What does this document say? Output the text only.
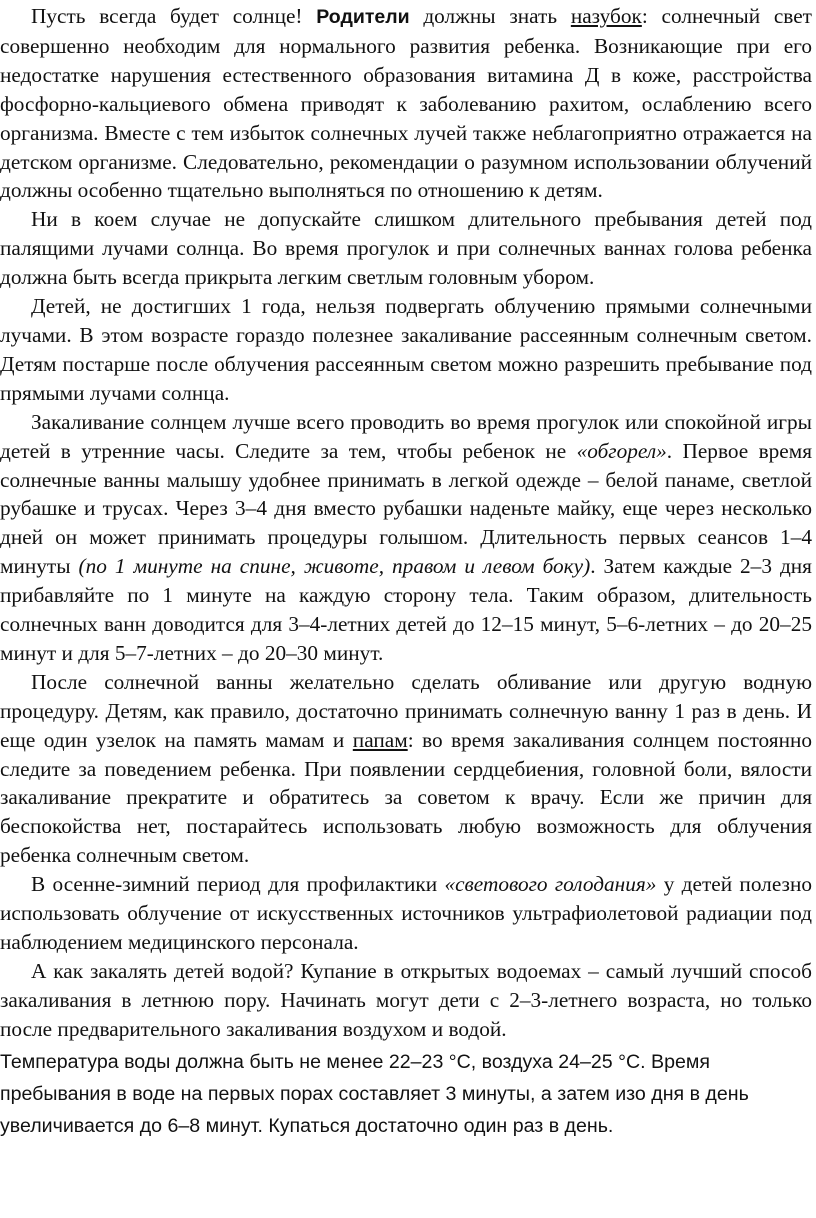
Пусть всегда будет солнце! Родители должны знать назубок: солнечный свет совершенно необходим для нормального развития ребенка. Возникающие при его недостатке нарушения естественного образования витамина Д в коже, расстройства фосфорно-кальциевого обмена приводят к заболеванию рахитом, ослаблению всего организма. Вместе с тем избыток солнечных лучей также неблагоприятно отражается на детском организме. Следовательно, рекомендации о разумном использовании облучений должны особенно тщательно выполняться по отношению к детям.

Ни в коем случае не допускайте слишком длительного пребывания детей под палящими лучами солнца. Во время прогулок и при солнечных ваннах голова ребенка должна быть всегда прикрыта легким светлым головным убором.

Детей, не достигших 1 года, нельзя подвергать облучению прямыми солнечными лучами. В этом возрасте гораздо полезнее закаливание рассеянным солнечным светом. Детям постарше после облучения рассеянным светом можно разрешить пребывание под прямыми лучами солнца.

Закаливание солнцем лучше всего проводить во время прогулок или спокойной игры детей в утренние часы. Следите за тем, чтобы ребенок не «обгорел». Первое время солнечные ванны малышу удобнее принимать в легкой одежде – белой панаме, светлой рубашке и трусах. Через 3–4 дня вместо рубашки наденьте майку, еще через несколько дней он может принимать процедуры голышом. Длительность первых сеансов 1–4 минуты (по 1 минуте на спине, животе, правом и левом боку). Затем каждые 2–3 дня прибавляйте по 1 минуте на каждую сторону тела. Таким образом, длительность солнечных ванн доводится для 3–4-летних детей до 12–15 минут, 5–6-летних – до 20–25 минут и для 5–7-летних – до 20–30 минут.

После солнечной ванны желательно сделать обливание или другую водную процедуру. Детям, как правило, достаточно принимать солнечную ванну 1 раз в день. И еще один узелок на память мамам и папам: во время закаливания солнцем постоянно следите за поведением ребенка. При появлении сердцебиения, головной боли, вялости закаливание прекратите и обратитесь за советом к врачу. Если же причин для беспокойства нет, постарайтесь использовать любую возможность для облучения ребенка солнечным светом.

В осенне-зимний период для профилактики «светового голодания» у детей полезно использовать облучение от искусственных источников ультрафиолетовой радиации под наблюдением медицинского персонала.

А как закалять детей водой? Купание в открытых водоемах – самый лучший способ закаливания в летнюю пору. Начинать могут дети с 2–3-летнего возраста, но только после предварительного закаливания воздухом и водой.

Температура воды должна быть не менее 22–23 °С, воздуха 24–25 °С. Время пребывания в воде на первых порах составляет 3 минуты, а затем изо дня в день увеличивается до 6–8 минут. Купаться достаточно один раз в день.
